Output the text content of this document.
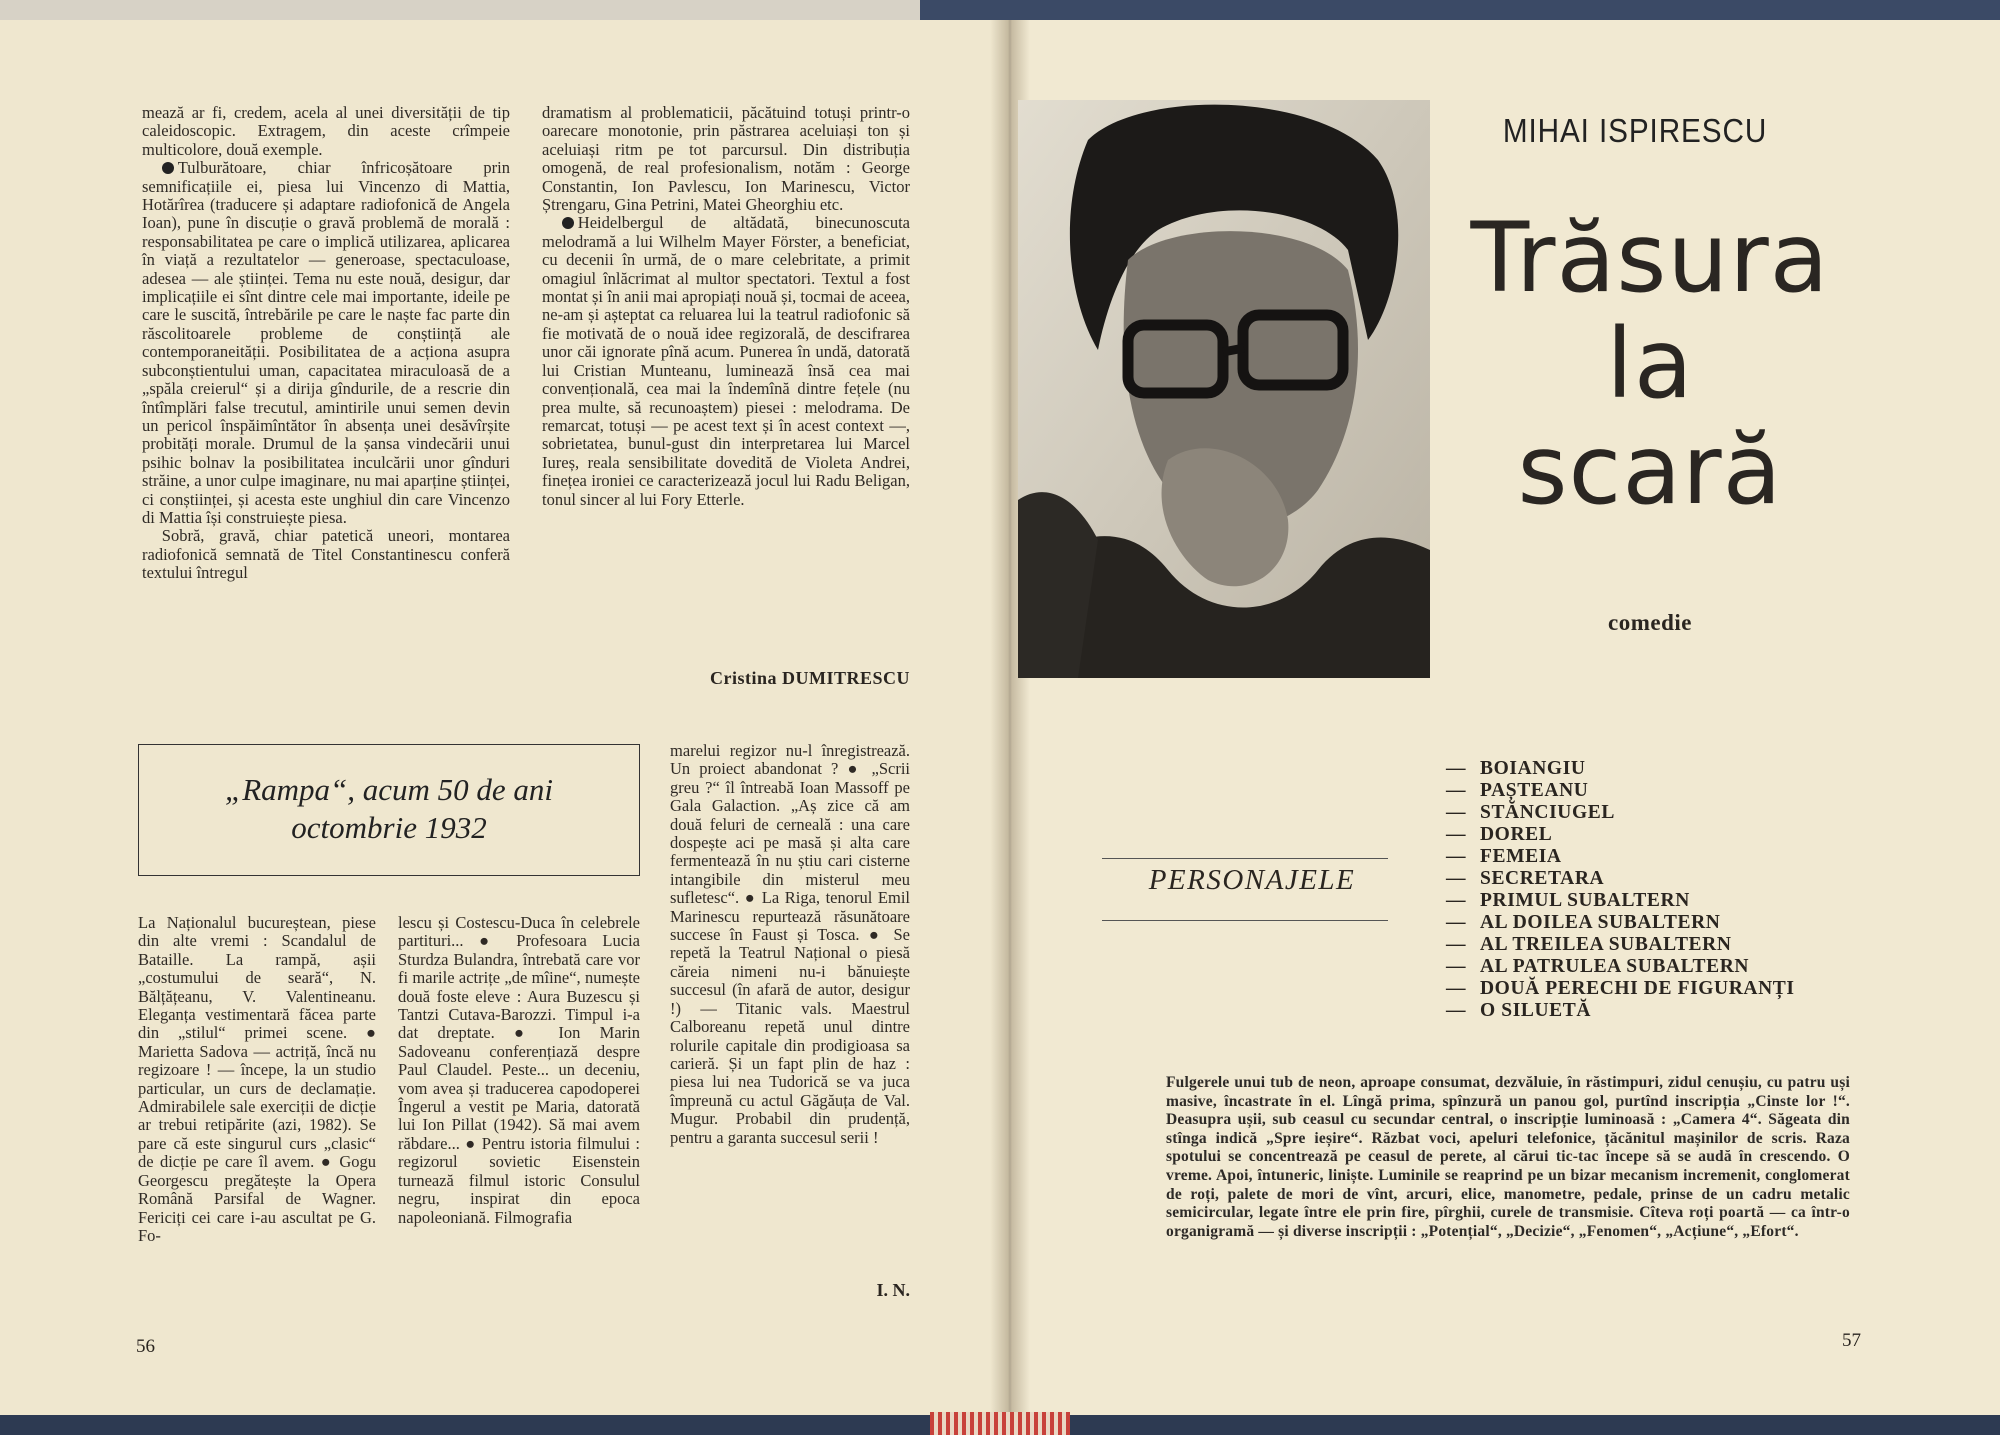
mează ar fi, credem, acela al unei diversității de tip caleidoscopic. Extragem, din aceste crîmpeie multicolore, două exemple.

Tulburătoare, chiar înfricoșătoare prin semnificațiile ei, piesa lui Vincenzo di Mattia, Hotărîrea (traducere și adaptare radiofonică de Angela Ioan), pune în discuție o gravă problemă de morală : responsabilitatea pe care o implică utilizarea, aplicarea în viață a rezultatelor — generoase, spectaculoase, adesea — ale științei. Tema nu este nouă, desigur, dar implicațiile ei sînt dintre cele mai importante, ideile pe care le suscită, întrebările pe care le naște fac parte din răscolitoarele probleme de conștiință ale contemporaneității. Posibilitatea de a acționa asupra subconștientului uman, capacitatea miraculoasă de a „spăla creierul“ și a dirija gîndurile, de a rescrie din întîmplări false trecutul, amintirile unui semen devin un pericol înspăimîntător în absența unei desăvîrșite probități morale. Drumul de la șansa vindecării unui psihic bolnav la posibilitatea inculcării unor gînduri străine, a unor culpe imaginare, nu mai aparține științei, ci conștiinței, și acesta este unghiul din care Vincenzo di Mattia își construiește piesa.

Sobră, gravă, chiar patetică uneori, montarea radiofonică semnată de Titel Constantinescu conferă textului întregul

dramatism al problematicii, păcătuind totuși printr-o oarecare monotonie, prin păstrarea aceluiași ton și aceluiași ritm pe tot parcursul. Din distribuția omogenă, de real profesionalism, notăm : George Constantin, Ion Pavlescu, Ion Marinescu, Victor Ștrengaru, Gina Petrini, Matei Gheorghiu etc.

Heidelbergul de altădată, binecunoscuta melodramă a lui Wilhelm Mayer Förster, a beneficiat, cu decenii în urmă, de o mare celebritate, a primit omagiul înlăcrimat al multor spectatori. Textul a fost montat și în anii mai apropiați nouă și, tocmai de aceea, ne-am și așteptat ca reluarea lui la teatrul radiofonic să fie motivată de o nouă idee regizorală, de descifrarea unor căi ignorate pînă acum. Punerea în undă, datorată lui Cristian Munteanu, luminează însă cea mai convențională, cea mai la îndemînă dintre fețele (nu prea multe, să recunoaștem) piesei : melodrama. De remarcat, totuși — pe acest text și în acest context —, sobrietatea, bunul-gust din interpretarea lui Marcel Iureș, reala sensibilitate dovedită de Violeta Andrei, finețea ironiei ce caracterizează jocul lui Radu Beligan, tonul sincer al lui Fory Etterle.

Cristina DUMITRESCU
„Rampa“, acum 50 de ani
octombrie 1932

La Naționalul bucureștean, piese din alte vremi : Scandalul de Bataille. La rampă, așii „costumului de seară“, N. Bălțățeanu, V. Valentineanu. Eleganța vestimentară făcea parte din „stilul“ primei scene. ● Marietta Sadova — actriță, încă nu regizoare ! — începe, la un studio particular, un curs de declamație. Admirabilele sale exerciții de dicție ar trebui retipărite (azi, 1982). Se pare că este singurul curs „clasic“ de dicție pe care îl avem. ● Gogu Georgescu pregătește la Opera Română Parsifal de Wagner. Fericiți cei care i-au ascultat pe G. Fo-

lescu și Costescu-Duca în celebrele partituri... ● Profesoara Lucia Sturdza Bulandra, întrebată care vor fi marile actrițe „de mîine“, numește două foste eleve : Aura Buzescu și Tantzi Cutava-Barozzi. Timpul i-a dat dreptate. ● Ion Marin Sadoveanu conferențiază despre Paul Claudel. Peste... un deceniu, vom avea și traducerea capodoperei Îngerul a vestit pe Maria, datorată lui Ion Pillat (1942). Să mai avem răbdare... ● Pentru istoria filmului : regizorul sovietic Eisenstein turnează filmul istoric Consulul negru, inspirat din epoca napoleoniană. Filmografia

marelui regizor nu-l înregistrează. Un proiect abandonat ? ● „Scrii greu ?“ îl întreabă Ioan Massoff pe Gala Galaction. „Aș zice că am două feluri de cerneală : una care dospește aci pe masă și alta care fermentează în nu știu cari cisterne intangibile din misterul meu sufletesc“. ● La Riga, tenorul Emil Marinescu repurtează răsunătoare succese în Faust și Tosca. ● Se repetă la Teatrul Național o piesă căreia nimeni nu-i bănuiește succesul (în afară de autor, desigur !) — Titanic vals. Maestrul Calboreanu repetă unul dintre rolurile capitale din prodigioasa sa carieră. Și un fapt plin de haz : piesa lui nea Tudorică se va juca împreună cu actul Găgăuța de Val. Mugur. Probabil din prudență, pentru a garanta succesul serii !

I. N.
56
MIHAI ISPIRESCU
Trăsura
la
scară
comedie
PERSONAJELE
— BOIANGIU
— PAȘTEANU
— STĂNCIUGEL
— DOREL
— FEMEIA
— SECRETARA
— PRIMUL SUBALTERN
— AL DOILEA SUBALTERN
— AL TREILEA SUBALTERN
— AL PATRULEA SUBALTERN
— DOUĂ PERECHI DE FIGURANȚI
— O SILUETĂ
Fulgerele unui tub de neon, aproape consumat, dezvăluie, în răstimpuri, zidul cenușiu, cu patru uși masive, încastrate în el. Lîngă prima, spînzură un panou gol, purtînd inscripția „Cinste lor !“. Deasupra ușii, sub ceasul cu secundar central, o inscripție luminoasă : „Camera 4“. Săgeata din stînga indică „Spre ieșire“. Răzbat voci, apeluri telefonice, țăcănitul mașinilor de scris. Raza spotului se concentrează pe ceasul de perete, al cărui tic-tac începe să se audă în crescendo. O vreme. Apoi, întuneric, liniște. Luminile se reaprind pe un bizar mecanism incremenit, conglomerat de roți, palete de mori de vînt, arcuri, elice, manometre, pedale, prinse de un cadru metalic semicircular, legate între ele prin fire, pîrghii, curele de transmisie. Cîteva roți poartă — ca într-o organigramă — și diverse inscripții : „Potențial“, „Decizie“, „Fenomen“, „Acțiune“, „Efort“.
57
